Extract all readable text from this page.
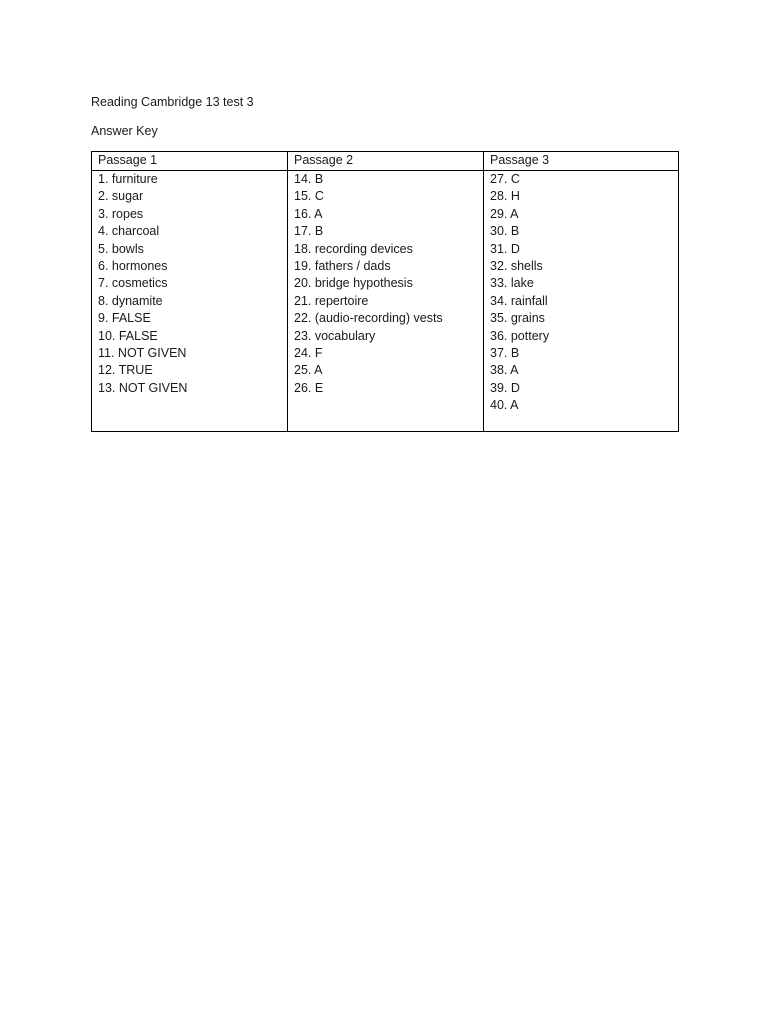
Reading Cambridge 13 test 3
Answer Key
Passage 1	Passage 2	Passage 3
1. furniture
2. sugar
3. ropes
4. charcoal
5. bowls
6. hormones
7. cosmetics
8. dynamite
9. FALSE
10. FALSE
11. NOT GIVEN
12. TRUE
13. NOT GIVEN
14. B
15. C
16. A
17. B
18. recording devices
19. fathers / dads
20. bridge hypothesis
21. repertoire
22. (audio-recording) vests
23. vocabulary
24. F
25. A
26. E
27. C
28. H
29. A
30. B
31. D
32. shells
33. lake
34. rainfall
35. grains
36. pottery
37. B
38. A
39. D
40. A
